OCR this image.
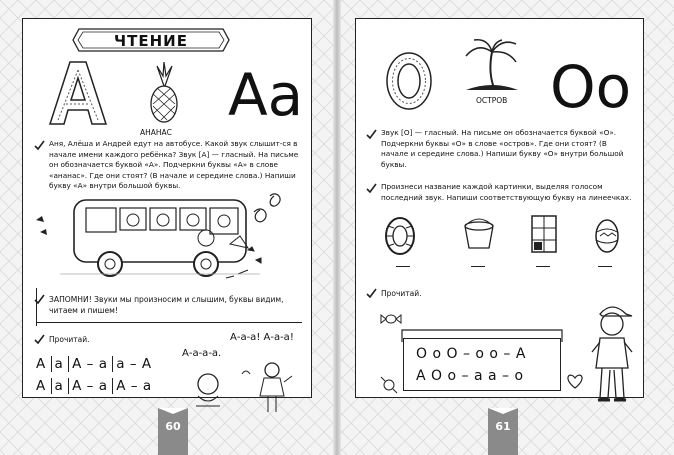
ЧТЕНИЕ
Aa
АНАНАС
Аня, Алёша и Андрей едут на автобусе. Какой звук слышит-ся в начале имени каждого ребёнка? Звук [А] — гласный. На письме он обозначается буквой «А». Подчеркни буквы «А» в слове «ананас». Где они стоят? (В начале и середине слова.) Напиши букву «А» внутри большой буквы.
ЗАПОМНИ! Звуки мы произносим и слышим, буквы видим, читаем и пишем!
Прочитай.
А а А – а а – А
А а А – а А – а
А-а-а! А-а-а!
А-а-а-а.
ОСТРОВ Oo
Звук [О] — гласный. На письме он обозначается буквой «О». Подчеркни буквы «О» в слове «остров». Где они стоят? (В начале и середине слова.) Напиши букву «О» внутри большой буквы.
Произнеси название каждой картинки, выделяя голосом последний звук. Напиши соответствующую букву на линеечках.
Прочитай.
О о О – о о – А
А О о – а а – о
60	61
